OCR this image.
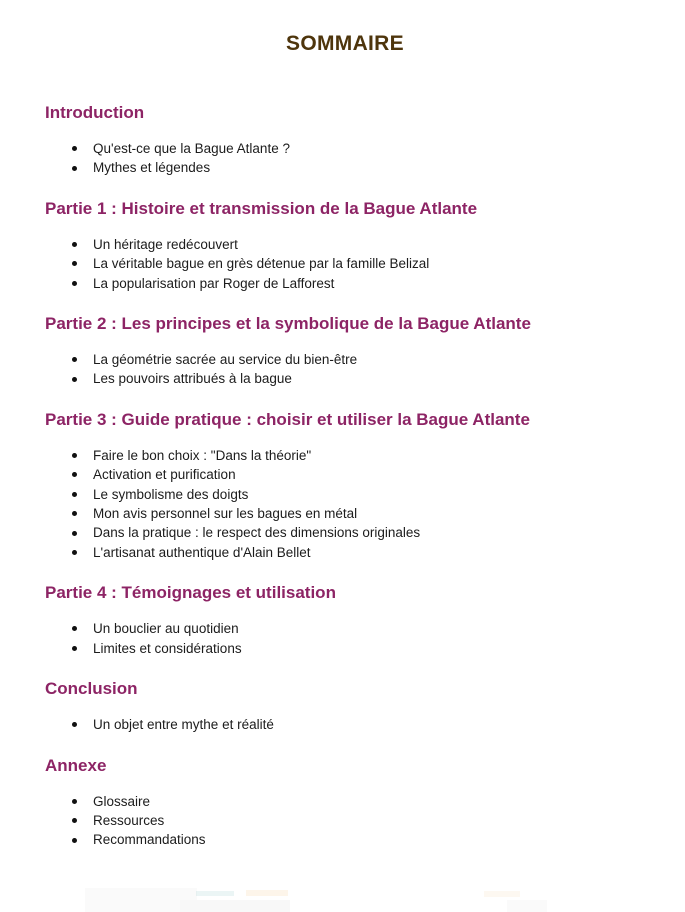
SOMMAIRE
Introduction
Qu'est-ce que la Bague Atlante ?
Mythes et légendes
Partie 1 : Histoire et transmission de la Bague Atlante
Un héritage redécouvert
La véritable bague en grès détenue par la famille Belizal
La popularisation par Roger de Lafforest
Partie 2 : Les principes et la symbolique de la Bague Atlante
La géométrie sacrée au service du bien-être
Les pouvoirs attribués à la bague
Partie 3 : Guide pratique : choisir et utiliser la Bague Atlante
Faire le bon choix : "Dans la théorie"
Activation et purification
Le symbolisme des doigts
Mon avis personnel sur les bagues en métal
Dans la pratique : le respect des dimensions originales
L'artisanat authentique d'Alain Bellet
Partie 4 : Témoignages et utilisation
Un bouclier au quotidien
Limites et considérations
Conclusion
Un objet entre mythe et réalité
Annexe
Glossaire
Ressources
Recommandations
